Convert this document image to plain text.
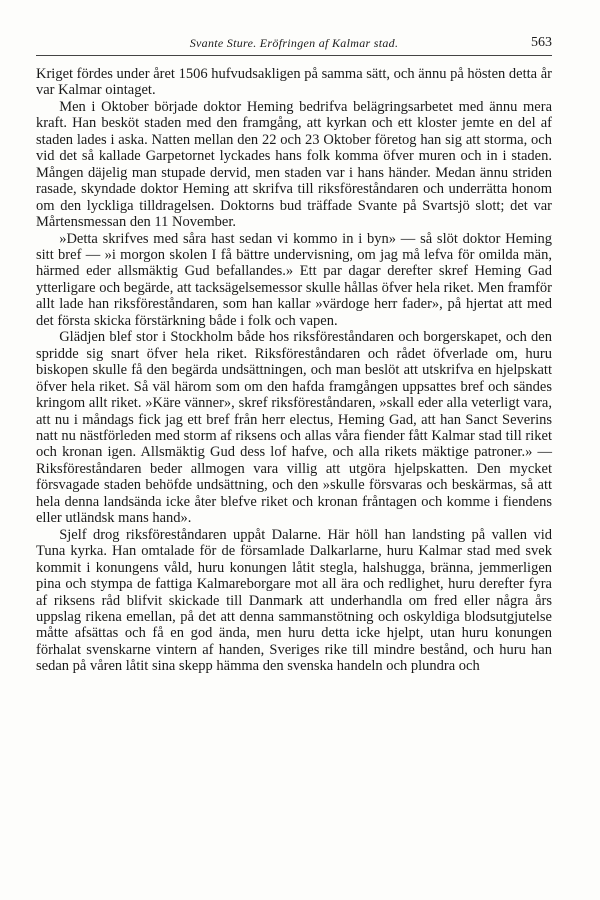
Svante Sture. Eröfringen af Kalmar stad.	563

Kriget fördes under året 1506 hufvudsakligen på samma sätt, och ännu på hösten detta år var Kalmar ointaget.

Men i Oktober började doktor Heming bedrifva belägringsarbetet med ännu mera kraft. Han besköt staden med den framgång, att kyrkan och ett kloster jemte en del af staden lades i aska. Natten mellan den 22 och 23 Oktober företog han sig att storma, och vid det så kallade Garpetornet lyckades hans folk komma öfver muren och in i staden. Mången däjelig man stupade dervid, men staden var i hans händer. Medan ännu striden rasade, skyndade doktor Heming att skrifva till riksföreståndaren och underrätta honom om den lyckliga tilldragelsen. Doktorns bud träffade Svante på Svartsjö slott; det var Mårtensmessan den 11 November.

»Detta skrifves med såra hast sedan vi kommo in i byn» — så slöt doktor Heming sitt bref — »i morgon skolen I få bättre undervisning, om jag må lefva för omilda män, härmed eder allsmäktig Gud befallandes.» Ett par dagar derefter skref Heming Gad ytterligare och begärde, att tacksägelsemessor skulle hållas öfver hela riket. Men framför allt lade han riksföreståndaren, som han kallar »värdoge herr fader», på hjertat att med det första skicka förstärkning både i folk och vapen.

Glädjen blef stor i Stockholm både hos riksföreståndaren och borgerskapet, och den spridde sig snart öfver hela riket. Riksföreståndaren och rådet öfverlade om, huru biskopen skulle få den begärda undsättningen, och man beslöt att utskrifva en hjelpskatt öfver hela riket. Så väl härom som om den hafda framgången uppsattes bref och sändes kringom allt riket. »Käre vänner», skref riksföreståndaren, »skall eder alla veterligt vara, att nu i måndags fick jag ett bref från herr electus, Heming Gad, att han Sanct Severins natt nu nästförleden med storm af riksens och allas våra fiender fått Kalmar stad till riket och kronan igen. Allsmäktig Gud dess lof hafve, och alla rikets mäktige patroner.» — Riksföreståndaren beder allmogen vara villig att utgöra hjelpskatten. Den mycket försvagade staden behöfde undsättning, och den »skulle försvaras och beskärmas, så att hela denna landsända icke åter blefve riket och kronan fråntagen och komme i fiendens eller utländsk mans hand».

Sjelf drog riksföreståndaren uppåt Dalarne. Här höll han landsting på vallen vid Tuna kyrka. Han omtalade för de församlade Dalkarlarne, huru Kalmar stad med svek kommit i konungens våld, huru konungen låtit stegla, halshugga, bränna, jemmerligen pina och stympa de fattiga Kalmareborgare mot all ära och redlighet, huru derefter fyra af riksens råd blifvit skickade till Danmark att underhandla om fred eller några års uppslag rikena emellan, på det att denna sammanstötning och oskyldiga blodsutgjutelse måtte afsättas och få en god ända, men huru detta icke hjelpt, utan huru konungen förhalat svenskarne vintern af handen, Sveriges rike till mindre bestånd, och huru han sedan på våren låtit sina skepp hämma den svenska handeln och plundra och
